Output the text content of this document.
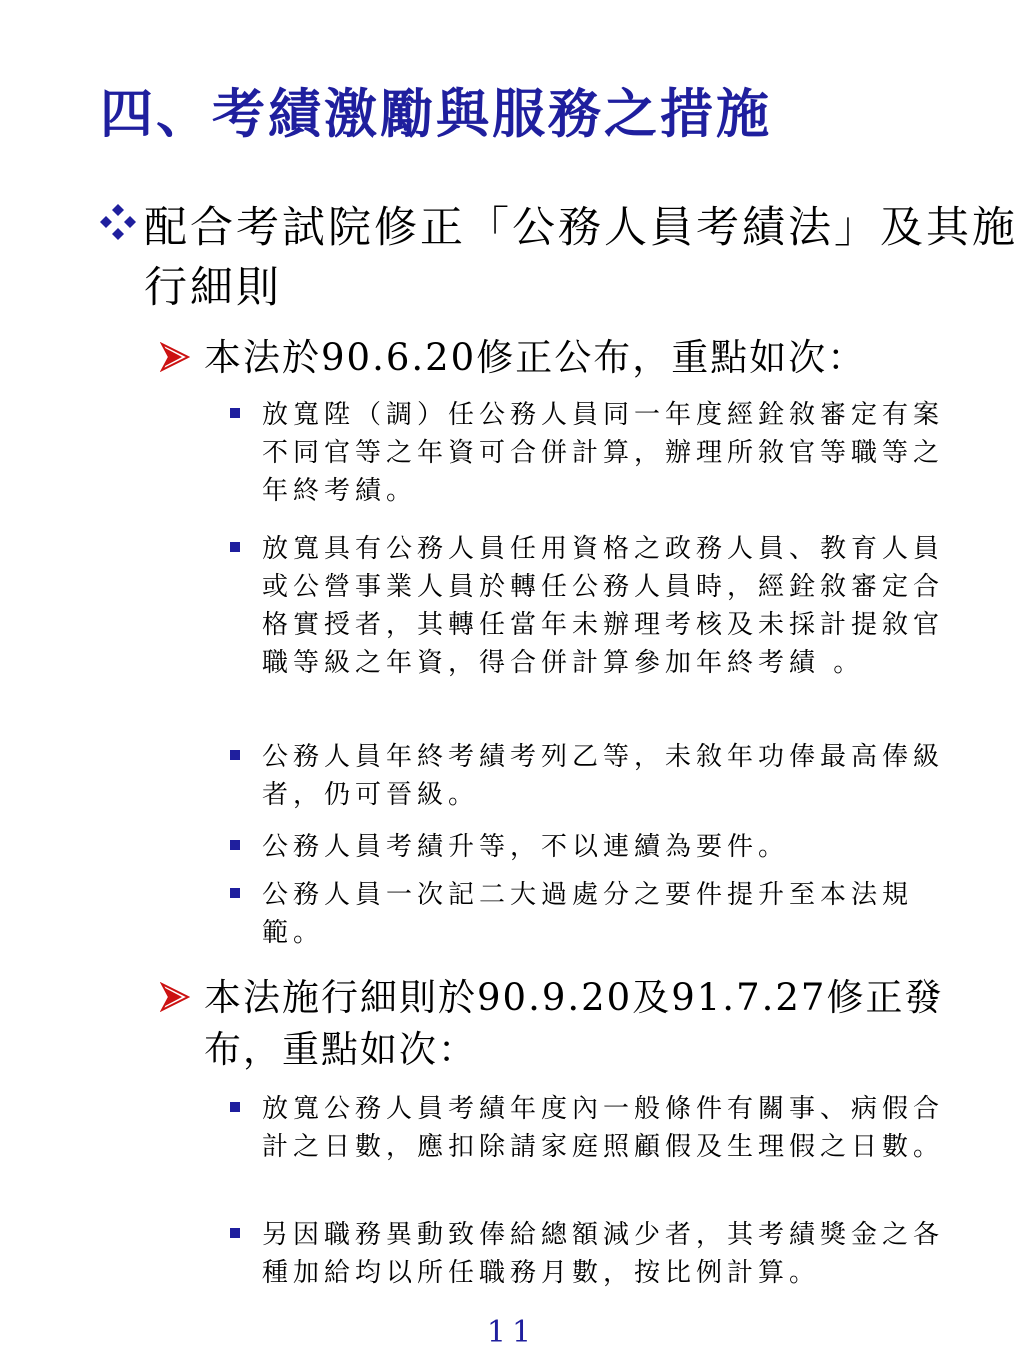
四、考績激勵與服務之措施
配合考試院修正「公務人員考績法」及其施行細則
本法於90.6.20修正公布，重點如次：
放寬陞（調）任公務人員同一年度經銓敘審定有案不同官等之年資可合併計算，辦理所敘官等職等之年終考績。
放寬具有公務人員任用資格之政務人員、教育人員或公營事業人員於轉任公務人員時，經銓敘審定合格實授者，其轉任當年未辦理考核及未採計提敘官職等級之年資，得合併計算參加年終考績 。
公務人員年終考績考列乙等，未敘年功俸最高俸級者，仍可晉級。
公務人員考績升等，不以連續為要件。
公務人員一次記二大過處分之要件提升至本法規範。
本法施行細則於90.9.20及91.7.27修正發布，重點如次：
放寬公務人員考績年度內一般條件有關事、病假合計之日數，應扣除請家庭照顧假及生理假之日數。
另因職務異動致俸給總額減少者，其考績獎金之各種加給均以所任職務月數，按比例計算。
11
